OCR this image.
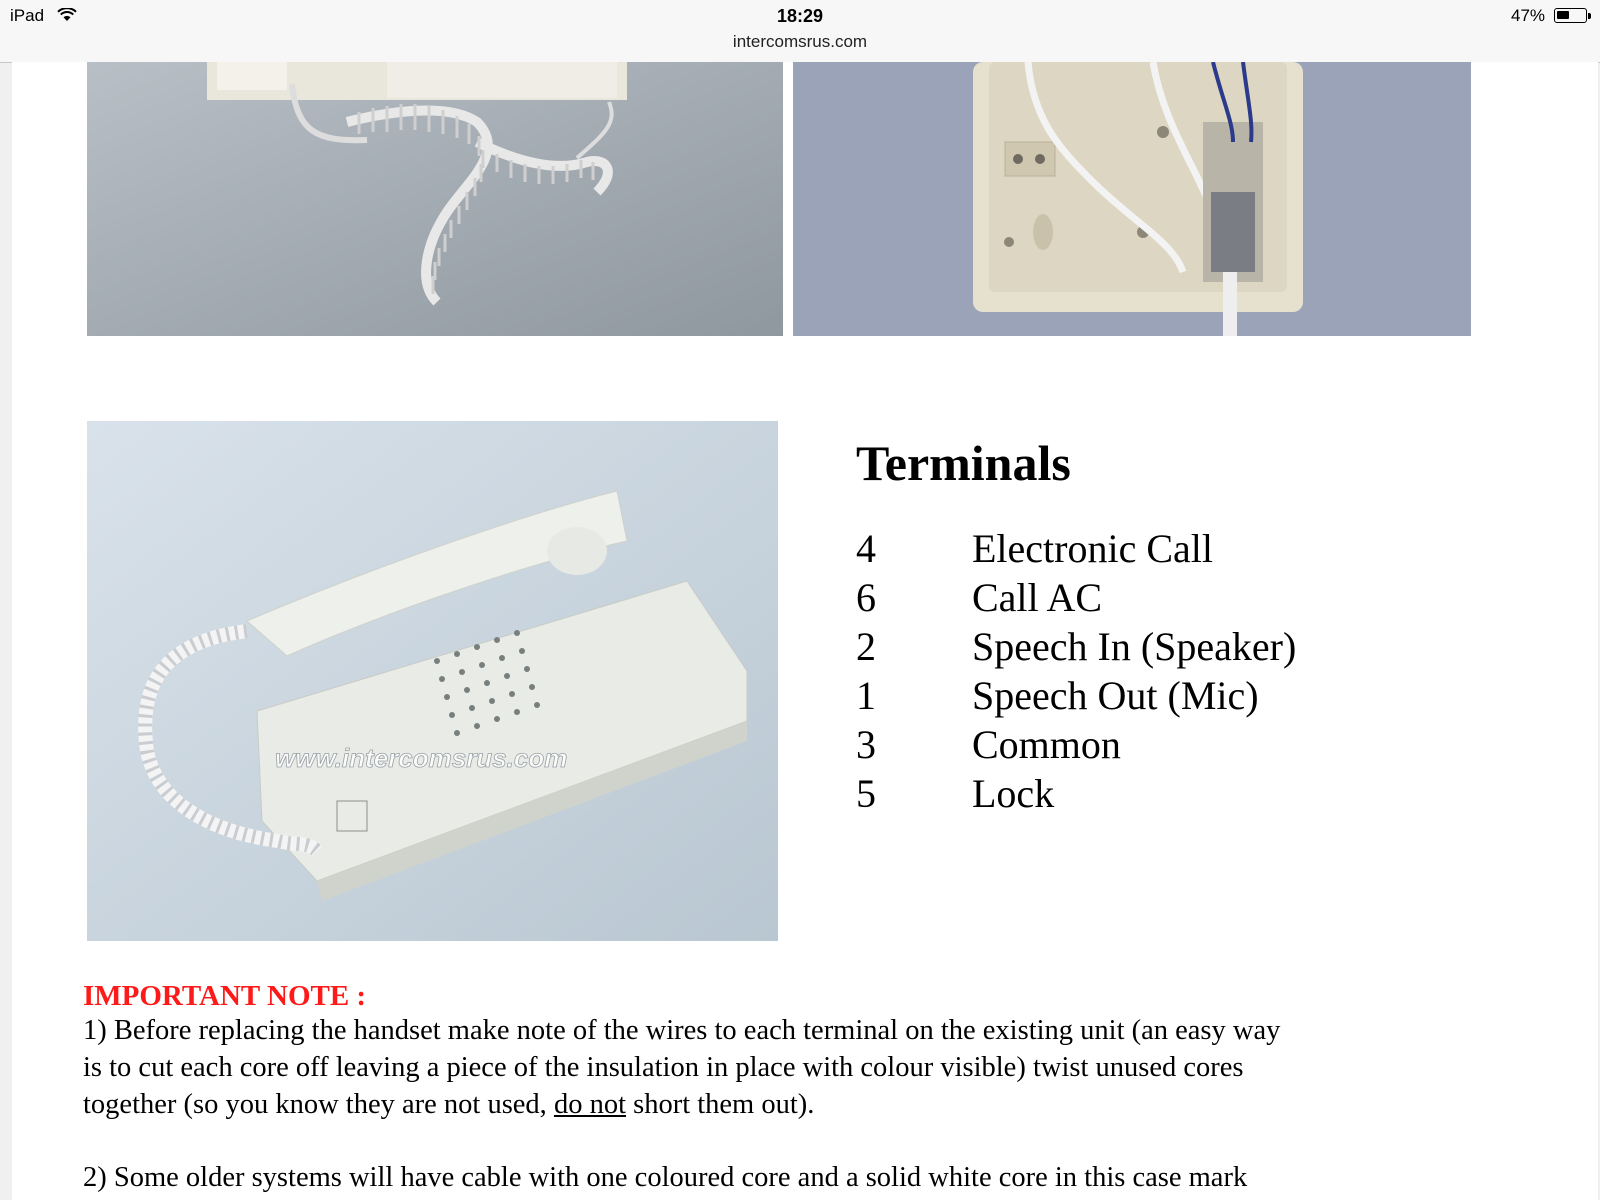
iPad	18:29
intercomsrus.com
47%
www.intercomsrus.com
Terminals
4 Electronic Call
6 Call AC
2 Speech In (Speaker)
1 Speech Out (Mic)
3 Common
5 Lock
IMPORTANT NOTE :
1) Before replacing the handset make note of the wires to each terminal on the existing unit (an easy way
is to cut each core off leaving a piece of the insulation in place with colour visible) twist unused cores
together (so you know they are not used, do not short them out).
2) Some older systems will have cable with one coloured core and a solid white core in this case mark
